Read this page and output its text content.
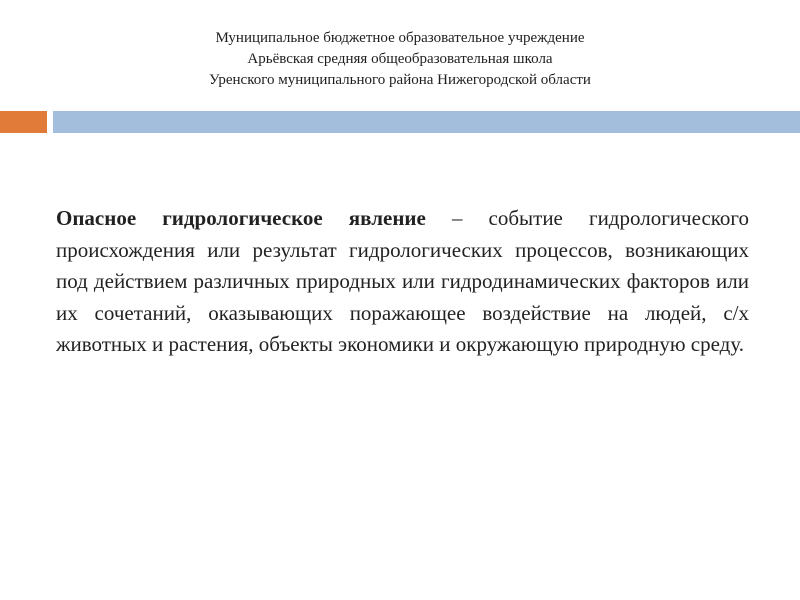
Муниципальное бюджетное образовательное учреждение
Арьёвская средняя общеобразовательная школа
Уренского муниципального района Нижегородской области
Опасное гидрологическое явление – событие гидрологического происхождения или результат гидрологических процессов, возникающих под действием различных природных или гидродинамических факторов или их сочетаний, оказывающих поражающее воздействие на людей, с/х животных и растения, объекты экономики и окружающую природную среду.
